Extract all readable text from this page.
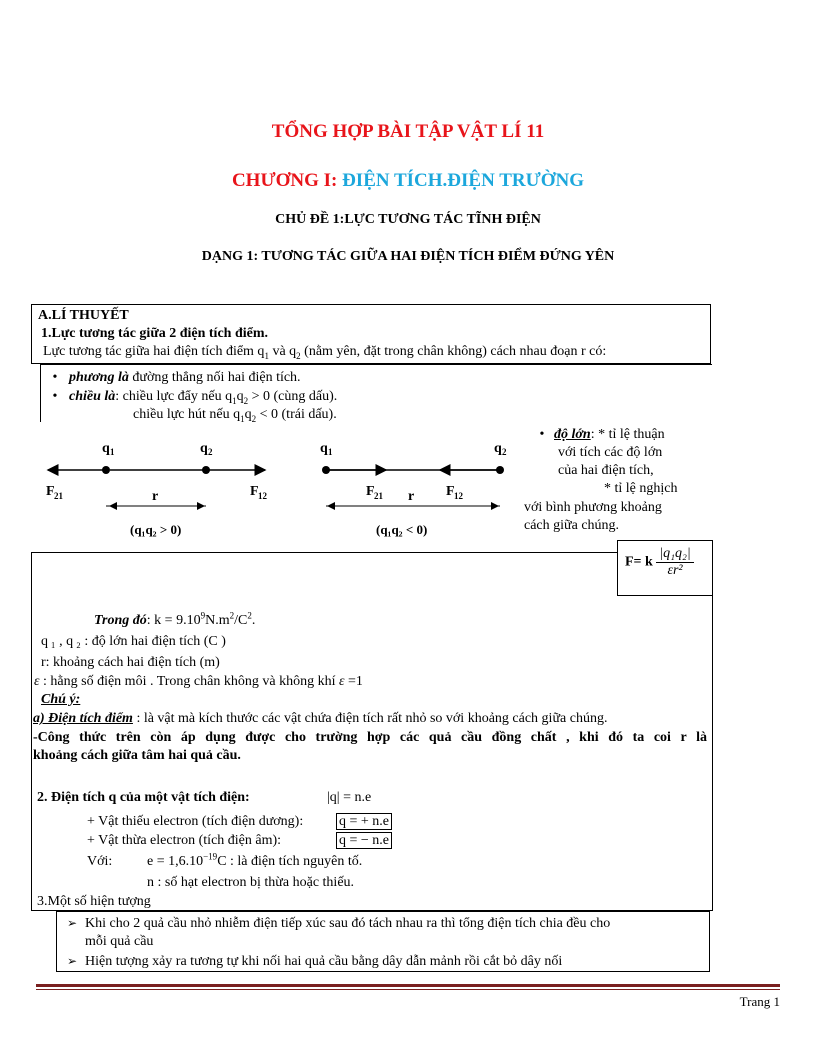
TỔNG HỢP BÀI TẬP VẬT LÍ 11
CHƯƠNG I: ĐIỆN TÍCH.ĐIỆN TRƯỜNG
CHỦ ĐỀ 1:LỰC TƯƠNG TÁC TĨNH ĐIỆN
DẠNG 1: TƯƠNG TÁC GIỮA HAI ĐIỆN TÍCH ĐIỂM ĐỨNG YÊN
A.LÍ THUYẾT
1.Lực tương tác giữa 2 điện tích điểm.
Lực tương tác giữa hai điện tích điểm $q_1$ và $q_2$ (nằm yên, đặt trong chân không) cách nhau đoạn r có:
• phương là đường thẳng nối hai điện tích.
• chiều là: chiều lực đẩy nếu $q_1q_2 > 0$ (cùng dấu).
chiều lực hút nếu $q_1q_2 < 0$ (trái dấu).
• độ lớn: * tỉ lệ thuận
với tích các độ lớn
của hai điện tích,
* tỉ lệ nghịch
với bình phương khoảng
cách giữa chúng.
q 1	q 2
F 21	F 12
r
(q₁q₂ > 0)
q 1	q 2
F 21	F 12
r
(q₁q₂ < 0)
F= k $\frac{\text{|q₁q₂|}}{\text{εr²}}$
Trong đó: $k = 9.10^9N.m^2/C^2$.
q ₁ , q ₂ : độ lớn hai điện tích (C )
r: khoảng cách hai điện tích (m)
ε : hằng số điện môi . Trong chân không và không khí ε =1
Chú ý:
a) Điện tích điểm : là vật mà kích thước các vật chứa điện tích rất nhỏ so với khoảng cách giữa chúng.
-Công thức trên còn áp dụng được cho trường hợp các quả cầu đồng chất , khi đó ta coi r là
khoảng cách giữa tâm hai quả cầu.
2. Điện tích q của một vật tích điện:	|q| = n.e
+ Vật thiếu electron (tích điện dương):	q = + n.e
+ Vật thừa electron (tích điện âm):	q = − n.e
Với: $e = 1,6.10^{-19}C$ : là điện tích nguyên tố.
n : số hạt electron bị thừa hoặc thiếu.
3.Một số hiện tượng
➢ Khi cho 2 quả cầu nhỏ nhiễm điện tiếp xúc sau đó tách nhau ra thì tổng điện tích chia đều cho
mỗi quả cầu
➢ Hiện tượng xảy ra tương tự khi nối hai quả cầu bằng dây dẫn mảnh rồi cắt bỏ dây nối
Trang 1
